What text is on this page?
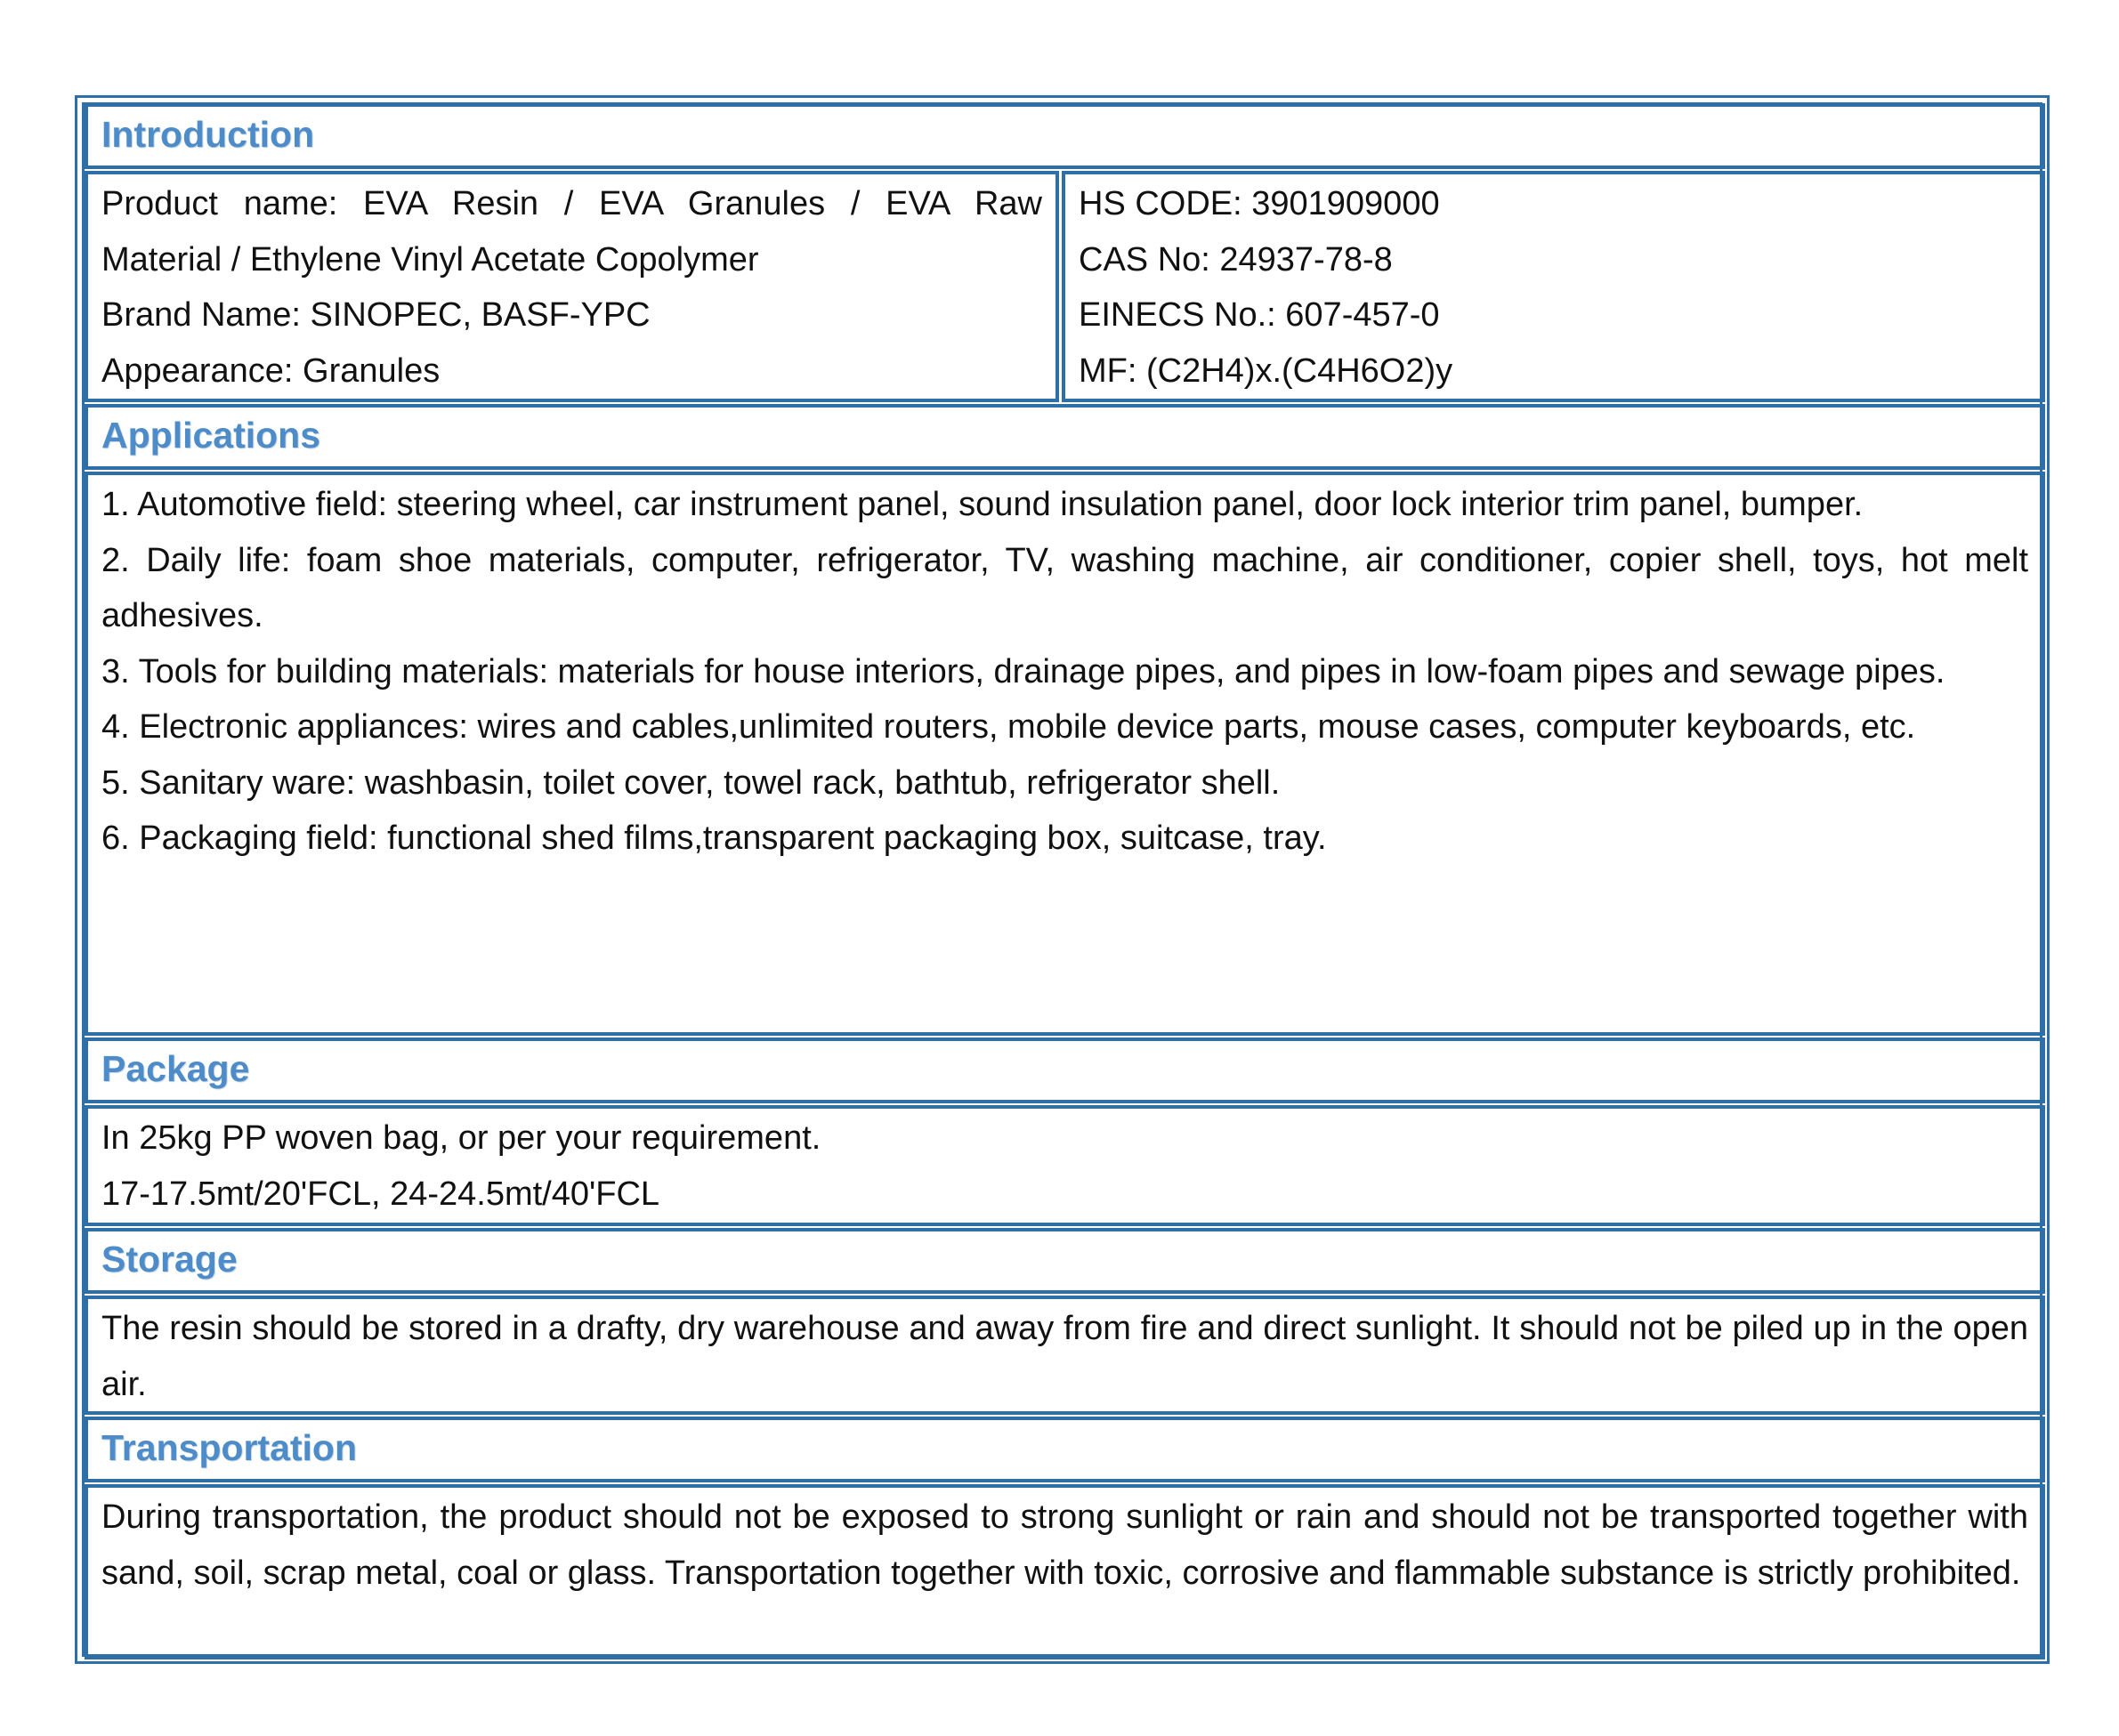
Introduction
Product name: EVA Resin / EVA Granules / EVA Raw
Material / Ethylene Vinyl Acetate Copolymer
Brand Name: SINOPEC, BASF-YPC
Appearance: Granules
HS CODE: 3901909000
CAS No: 24937-78-8
EINECS No.: 607-457-0
MF: (C2H4)x.(C4H6O2)y
Applications
1. Automotive field: steering wheel, car instrument panel, sound insulation panel, door lock interior trim panel, bumper.
2. Daily life: foam shoe materials, computer, refrigerator, TV, washing machine, air conditioner, copier shell, toys, hot melt adhesives.
3. Tools for building materials: materials for house interiors, drainage pipes, and pipes in low-foam pipes and sewage pipes.
4. Electronic appliances: wires and cables,unlimited routers, mobile device parts, mouse cases, computer keyboards, etc.
5. Sanitary ware: washbasin, toilet cover, towel rack, bathtub, refrigerator shell.
6. Packaging field: functional shed films,transparent packaging box, suitcase, tray.
Package
In 25kg PP woven bag, or per your requirement.
17-17.5mt/20'FCL, 24-24.5mt/40'FCL
Storage
The resin should be stored in a drafty, dry warehouse and away from fire and direct sunlight. It should not be piled up in the open air.
Transportation
During transportation, the product should not be exposed to strong sunlight or rain and should not be transported together with sand, soil, scrap metal, coal or glass. Transportation together with toxic, corrosive and flammable substance is strictly prohibited.
